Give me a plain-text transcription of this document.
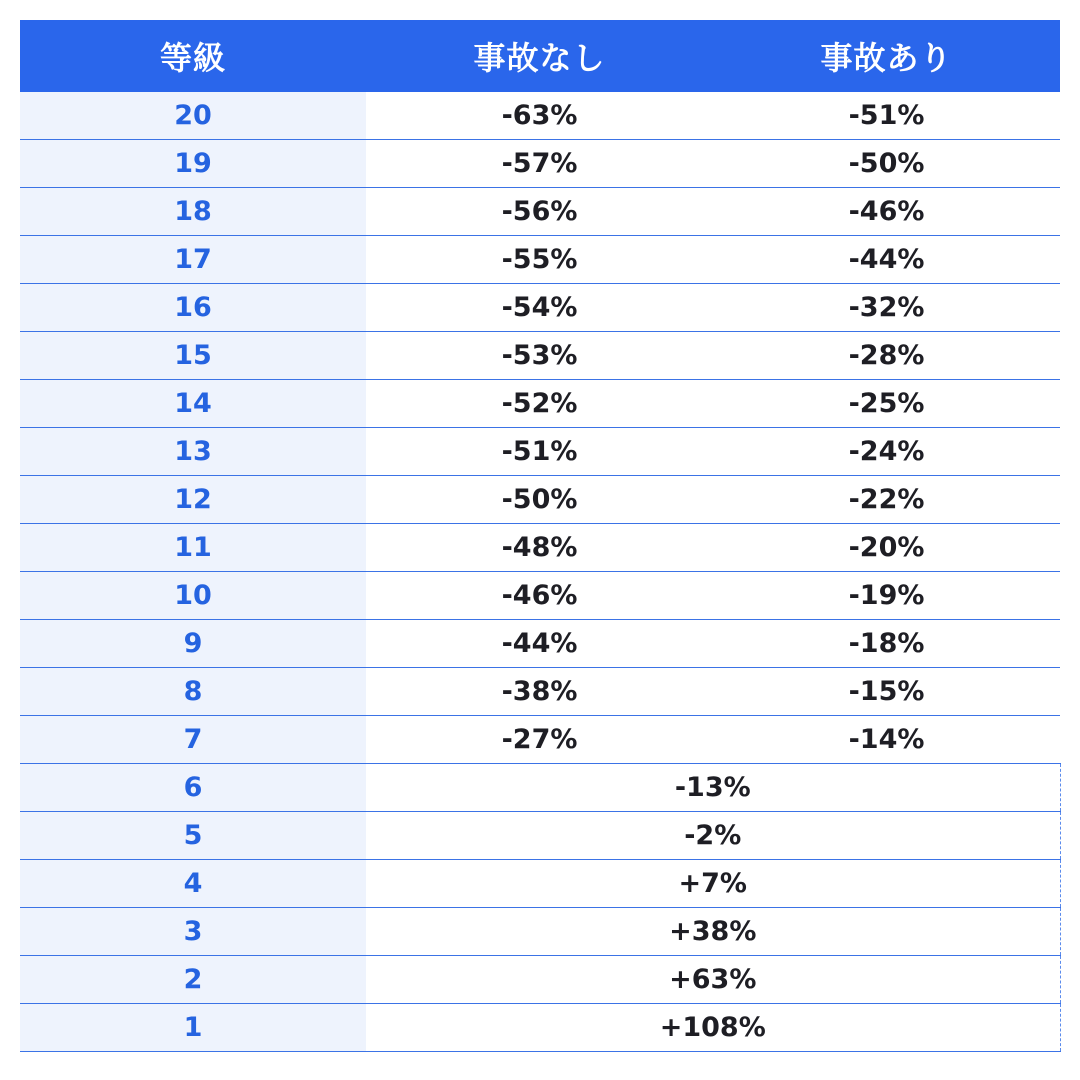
等級	事故なし	事故あり
20	-63%	-51%
19	-57%	-50%
18	-56%	-46%
17	-55%	-44%
16	-54%	-32%
15	-53%	-28%
14	-52%	-25%
13	-51%	-24%
12	-50%	-22%
11	-48%	-20%
10	-46%	-19%
9	-44%	-18%
8	-38%	-15%
7	-27%	-14%
6	-13%	
5	-2%	
4	+7%	
3	+38%	
2	+63%	
1	+108%	
